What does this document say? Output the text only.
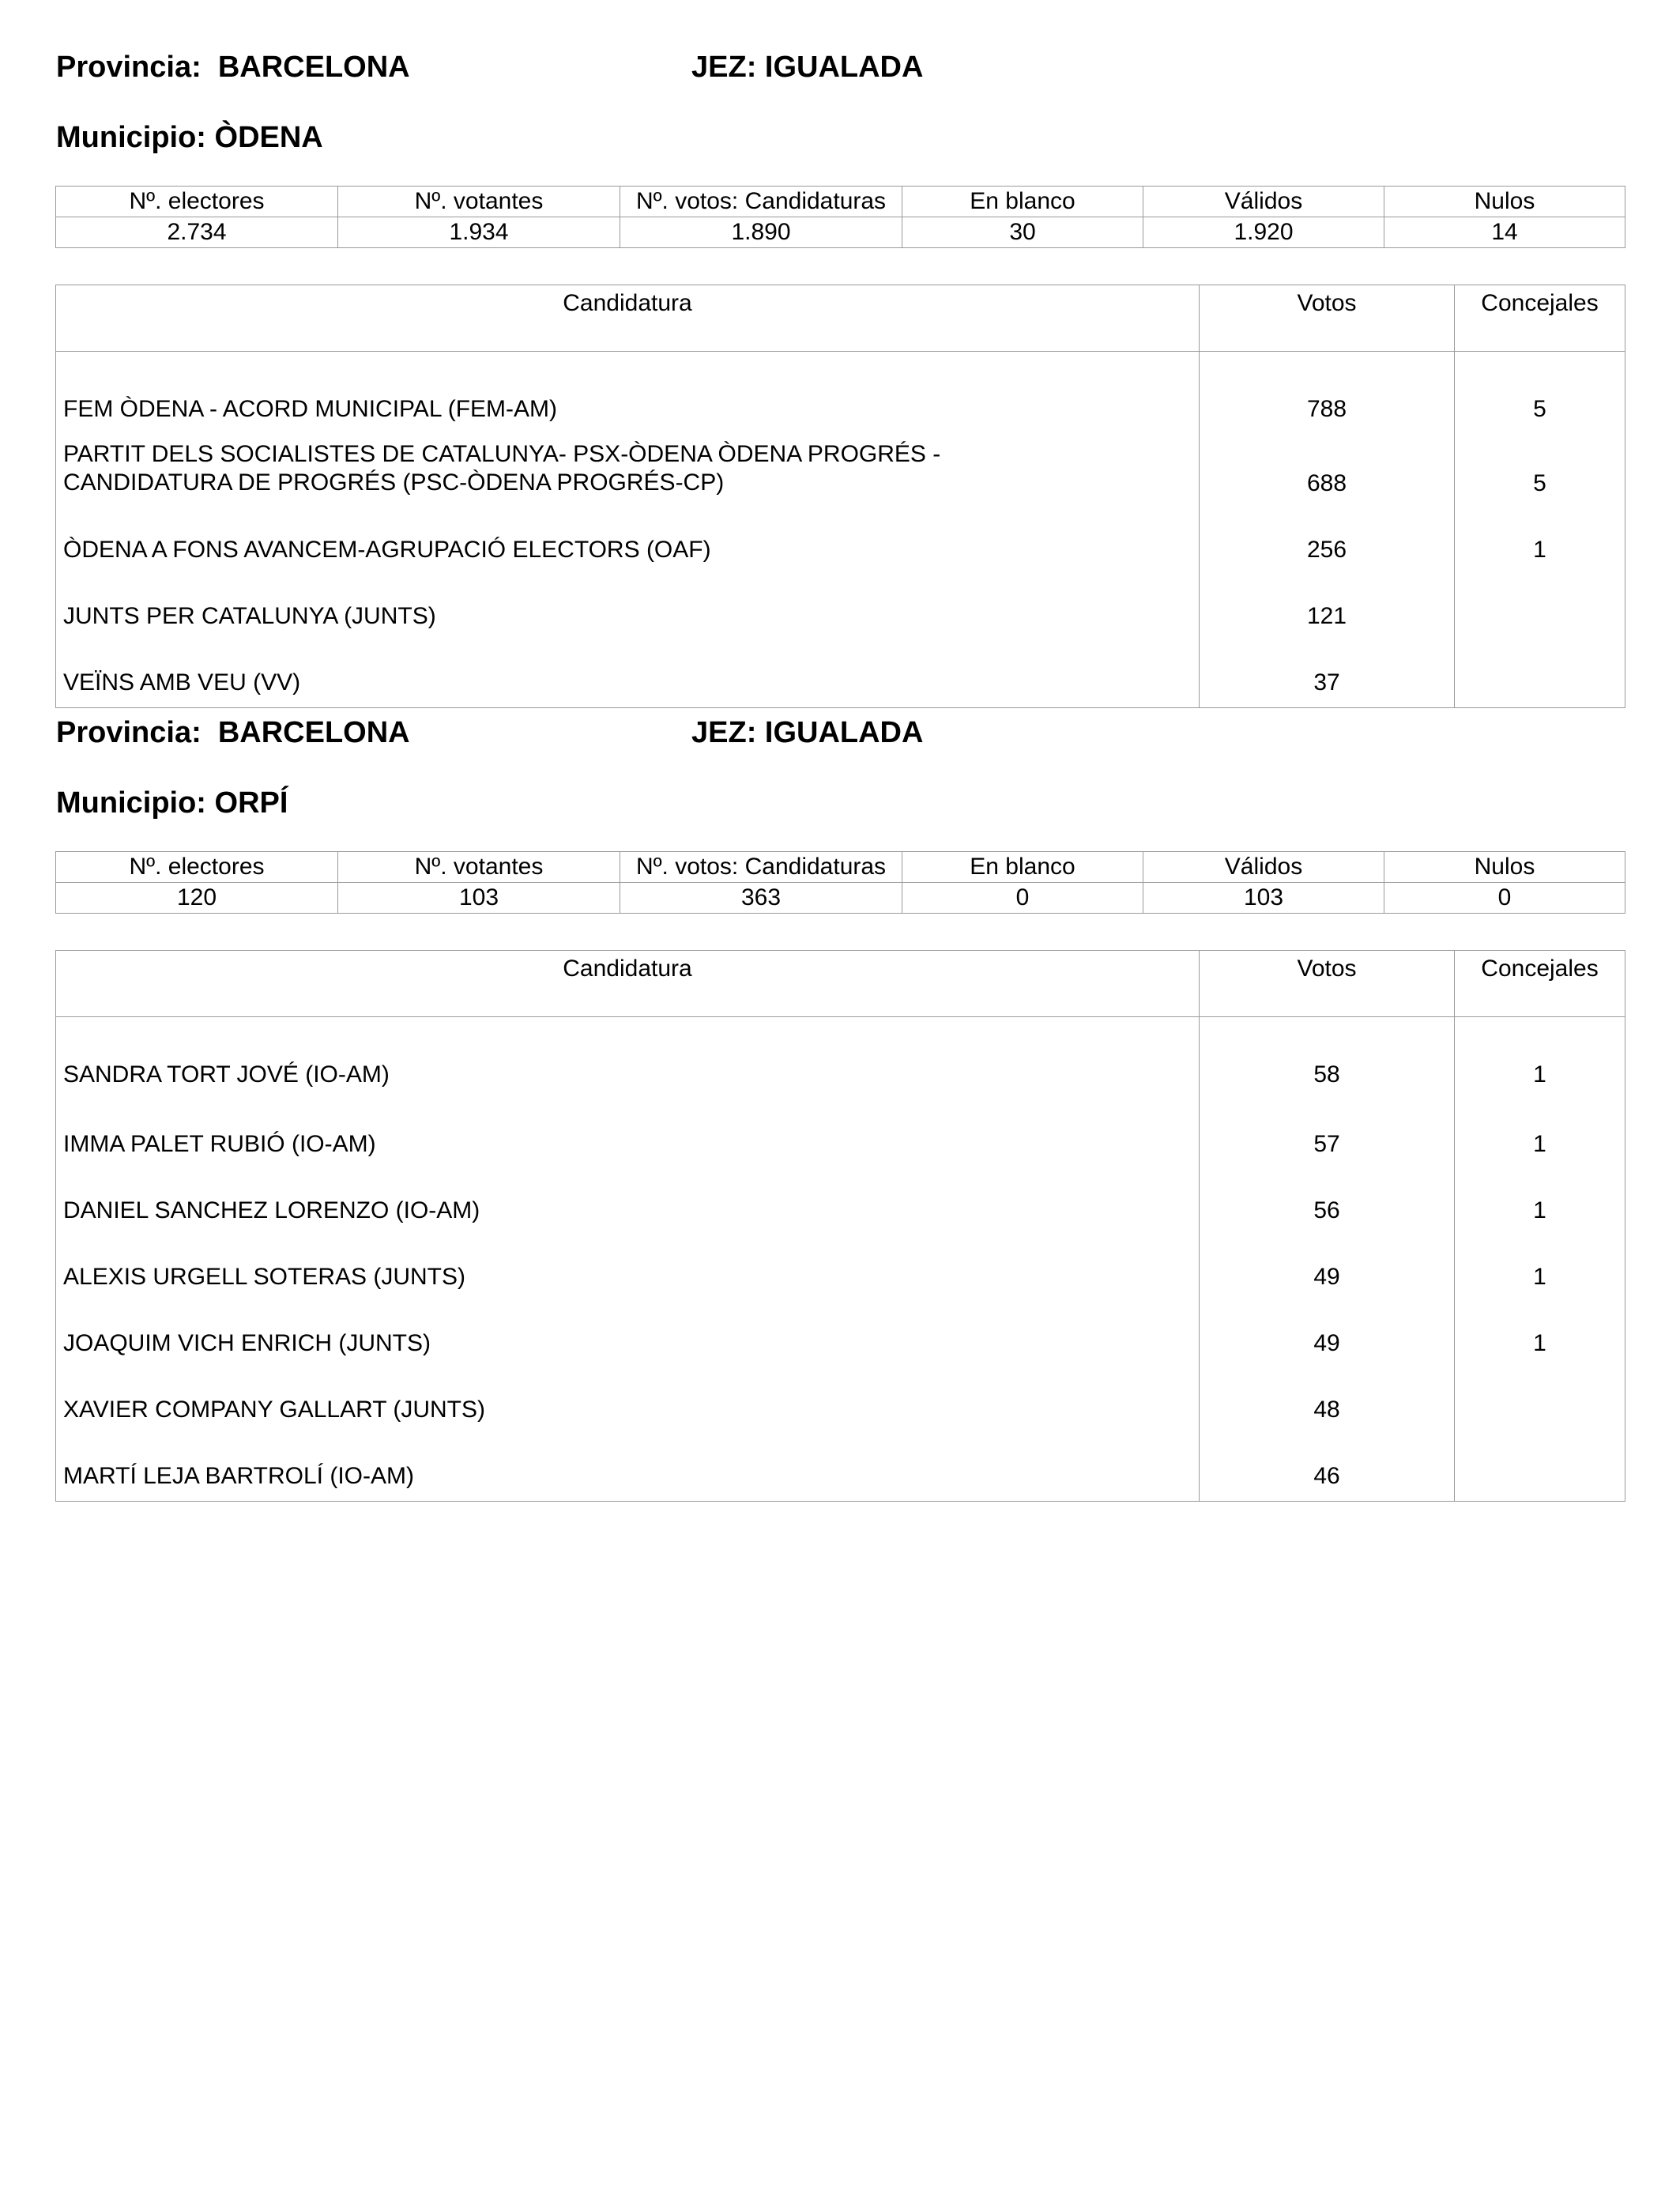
Provincia: BARCELONA	JEZ: IGUALADA
Municipio: ÒDENA
Nº. electores	Nº. votantes	Nº. votos: Candidaturas	En blanco	Válidos	Nulos
2.734	1.934	1.890	30	1.920	14
Candidatura	Votos	Concejales
FEM ÒDENA - ACORD MUNICIPAL (FEM-AM)	788	5

PARTIT DELS SOCIALISTES DE CATALUNYA- PSX-ÒDENA ÒDENA PROGRÉS -
CANDIDATURA DE PROGRÉS (PSC-ÒDENA PROGRÉS-CP)	688	5
ÒDENA A FONS AVANCEM-AGRUPACIÓ ELECTORS (OAF)	256	1
JUNTS PER CATALUNYA (JUNTS)	121	
VEÏNS AMB VEU (VV)	37	
Provincia: BARCELONA	JEZ: IGUALADA
Municipio: ORPÍ
Nº. electores	Nº. votantes	Nº. votos: Candidaturas	En blanco	Válidos	Nulos
120	103	363	0	103	0
Candidatura	Votos	Concejales
SANDRA TORT JOVÉ (IO-AM)	58	1
IMMA PALET RUBIÓ (IO-AM)	57	1
DANIEL SANCHEZ LORENZO (IO-AM)	56	1
ALEXIS URGELL SOTERAS (JUNTS)	49	1
JOAQUIM VICH ENRICH (JUNTS)	49	1
XAVIER COMPANY GALLART (JUNTS)	48	
MARTÍ LEJA BARTROLÍ (IO-AM)	46	
